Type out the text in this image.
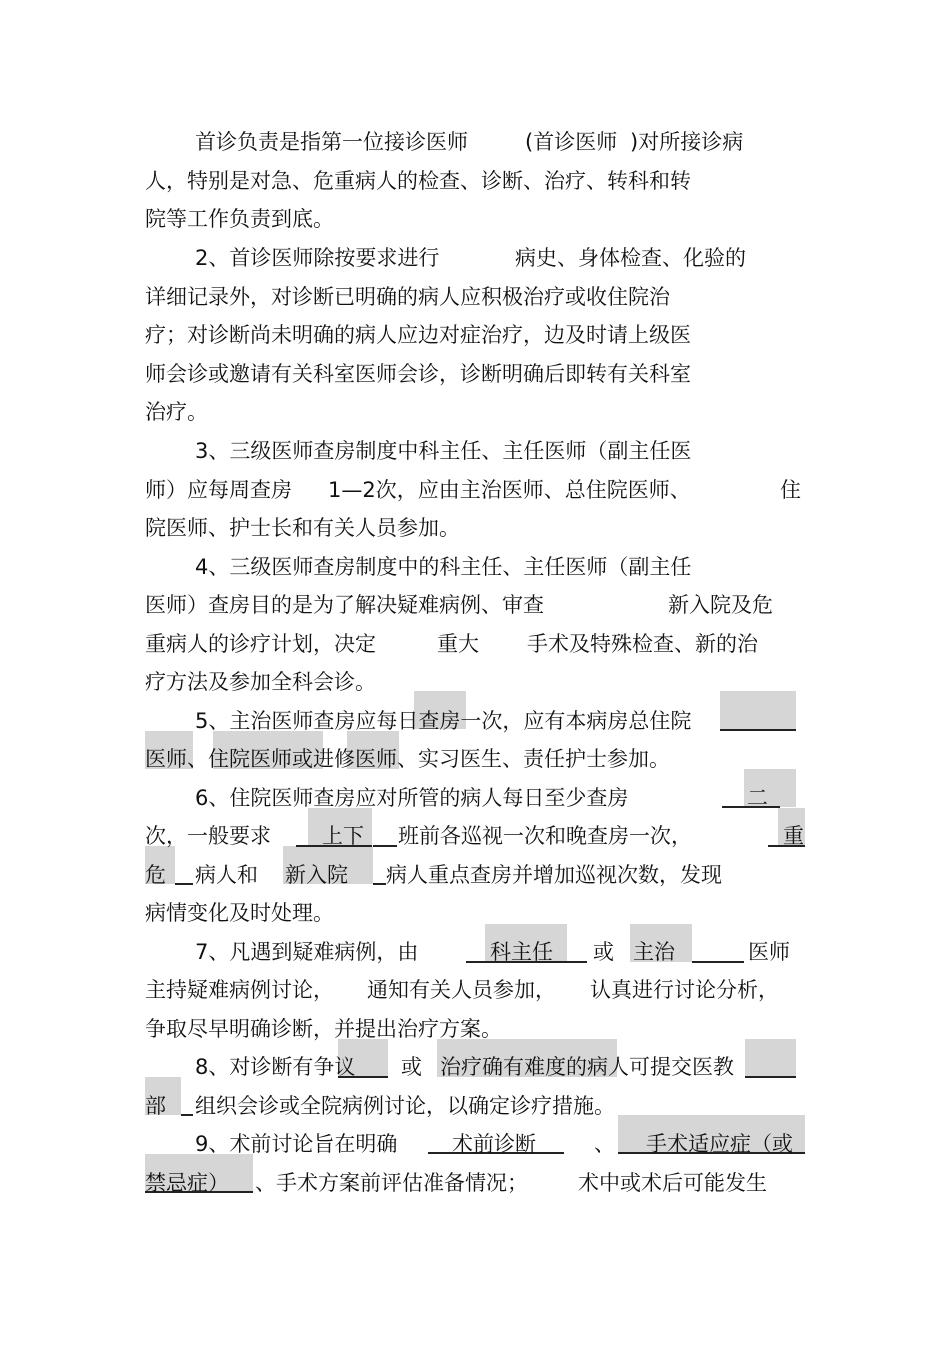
首诊负责是指第一位接诊医师	(首诊医师 )对所接诊病
人，特别是对急、危重病人的检查、诊断、治疗、转科和转
院等工作负责到底。
2、首诊医师除按要求进行	病史、身体检查、化验的
详细记录外，对诊断已明确的病人应积极治疗或收住院治
疗；对诊断尚未明确的病人应边对症治疗，边及时请上级医
师会诊或邀请有关科室医师会诊，诊断明确后即转有关科室
治疗。
3、三级医师查房制度中科主任、主任医师（副主任医
师）应每周查房 1—2次，应由主治医师、总住院医师、	住
院医师、护士长和有关人员参加。
4、三级医师查房制度中的科主任、主任医师（副主任
医师）查房目的是为了解决疑难病例、审查	新入院及危
重病人的诊疗计划，决定	重大 手术及特殊检查、新的治
疗方法及参加全科会诊。
5、主治医师查房应每日查房一次，应有本病房总住院
医师、住院医师或进修医师、实习医生、责任护士参加。
6、住院医师查房应对所管的病人每日至少查房	二
次，一般要求 上下 班前各巡视一次和晚查房一次，	重
危 病人和 新入院 病人重点查房并增加巡视次数，发现
病情变化及时处理。
7、凡遇到疑难病例，由	科主任 或 主治	医师
主持疑难病例讨论， 通知有关人员参加， 认真进行讨论分析，
争取尽早明确诊断，并提出治疗方案。
8、对诊断有争议 或 治疗确有难度的病人可提交医教
部 组织会诊或全院病例讨论，以确定诊疗措施。
9、术前讨论旨在明确	术前诊断	、 手术适应症（或
禁忌症） 、手术方案前评估准备情况； 术中或术后可能发生
